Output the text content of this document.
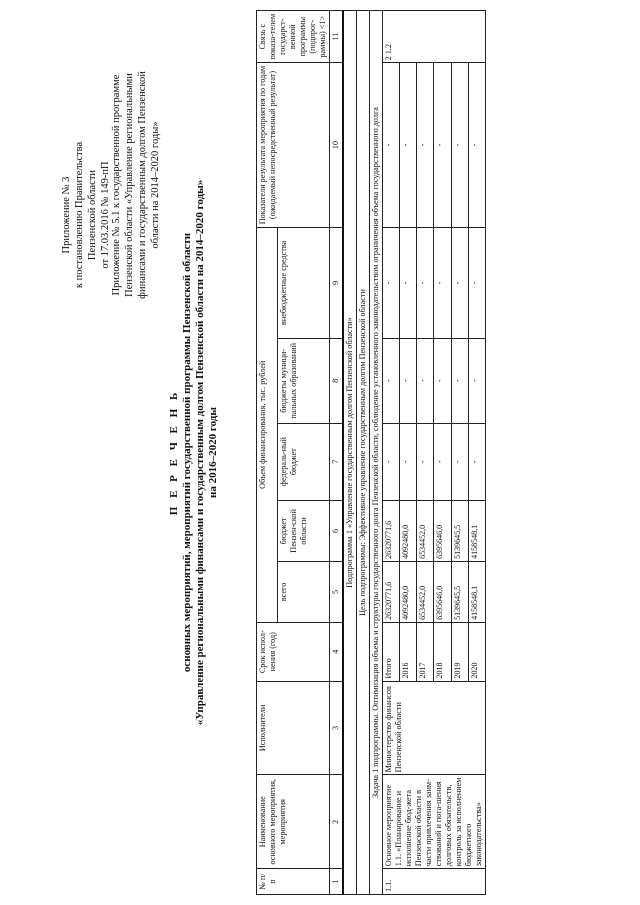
Приложение № 3 к постановлению Правительства Пензенской области от 17.03.2016 № 149-пП Приложение № 5.1 к государственной программе Пензенской области «Управление региональными финансами и государственным долгом Пензенской области на 2014–2020 годы»
П Е Р Е Ч Е Н Ь основных мероприятий, мероприятий государственной программы Пензенской области «Управление региональными финансами и государственным долгом Пензенской области на 2014–2020 годы» на 2016–2020 годы
№ п/п	Наименование основного мероприятия, мероприятия	Исполнители	Срок испол-нения (год)	Объем финансирования, тыс. рублей					Показатели результата мероприятия по годам (ожидаемый непосредственный результат)	Связь с показа-телем государст-венной программы (подпрог-раммы) <1>
				всего	бюджет Пензен-ской области	федераль-ный бюджет	бюджеты муници-пальных образований	внебюджетные средства		
1	2	3	4	5	6	7	8	9	10	11
Подпрограмма 1 «Управление государственным долгом Пензенской области»										
Цель подпрограммы: Эффективное управление государственным долгом Пензенской области										
Задача 1 подпрограммы. Оптимизация объема и структуры государственного долга Пензенской области, соблюдение установленного законодательством ограничения объема государственного долга										
1.1.	Основное мероприятие 1.1. «Планирование и исполнение бюд-жета Пензенской области в части привлечения заим-ствований и пога-шения долговых обязательств, контроль за исполнением бюджетного законодательства»	Министерство финансов Пензенской области	Итого	26320771,6	26320771,6	-	-	-	-	2 1.2
			2016	4092480,0	4092480,0	-	-	-	-	
			2017	6534452,0	6534452,0	-	-	-	-	
			2018	6395646,0	6395646,0	-	-	-	-	
			2019	5139645,5	5139645,5	-	-	-	-	
			2020	4158548,1	4158548,1	-	-	-	-	
